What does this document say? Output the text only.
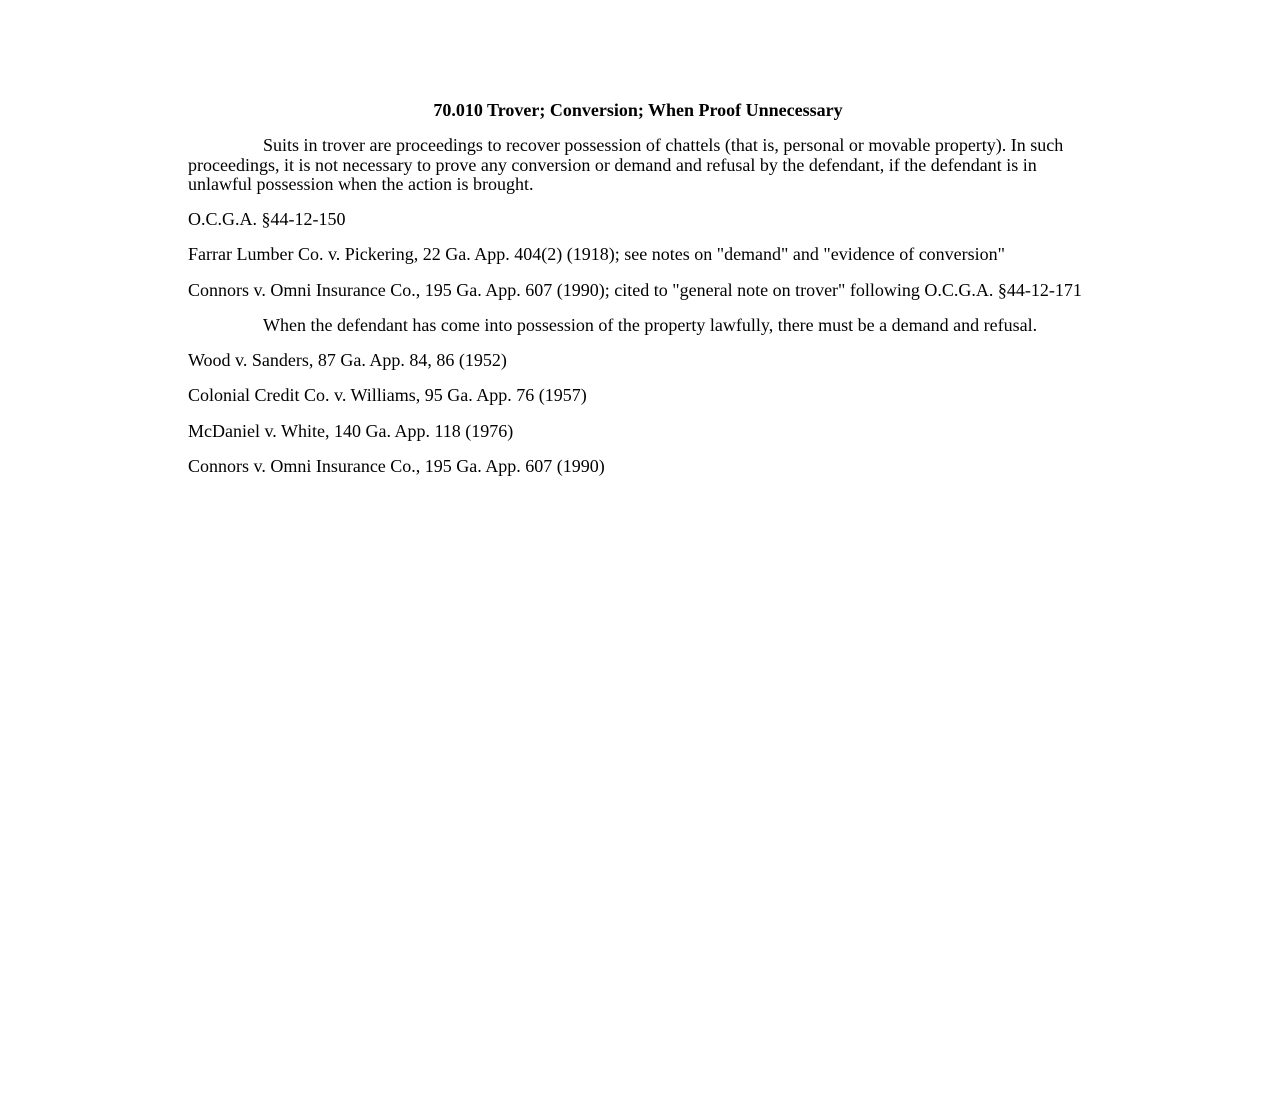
70.010 Trover; Conversion; When Proof Unnecessary

Suits in trover are proceedings to recover possession of chattels (that is, personal or movable property). In such proceedings, it is not necessary to prove any conversion or demand and refusal by the defendant, if the defendant is in unlawful possession when the action is brought.

O.C.G.A. §44-12-150

Farrar Lumber Co. v. Pickering, 22 Ga. App. 404(2) (1918); see notes on "demand" and "evidence of conversion"

Connors v. Omni Insurance Co., 195 Ga. App. 607 (1990); cited to "general note on trover" following O.C.G.A. §44-12-171

When the defendant has come into possession of the property lawfully, there must be a demand and refusal.

Wood v. Sanders, 87 Ga. App. 84, 86 (1952)

Colonial Credit Co. v. Williams, 95 Ga. App. 76 (1957)

McDaniel v. White, 140 Ga. App. 118 (1976)

Connors v. Omni Insurance Co., 195 Ga. App. 607 (1990)
